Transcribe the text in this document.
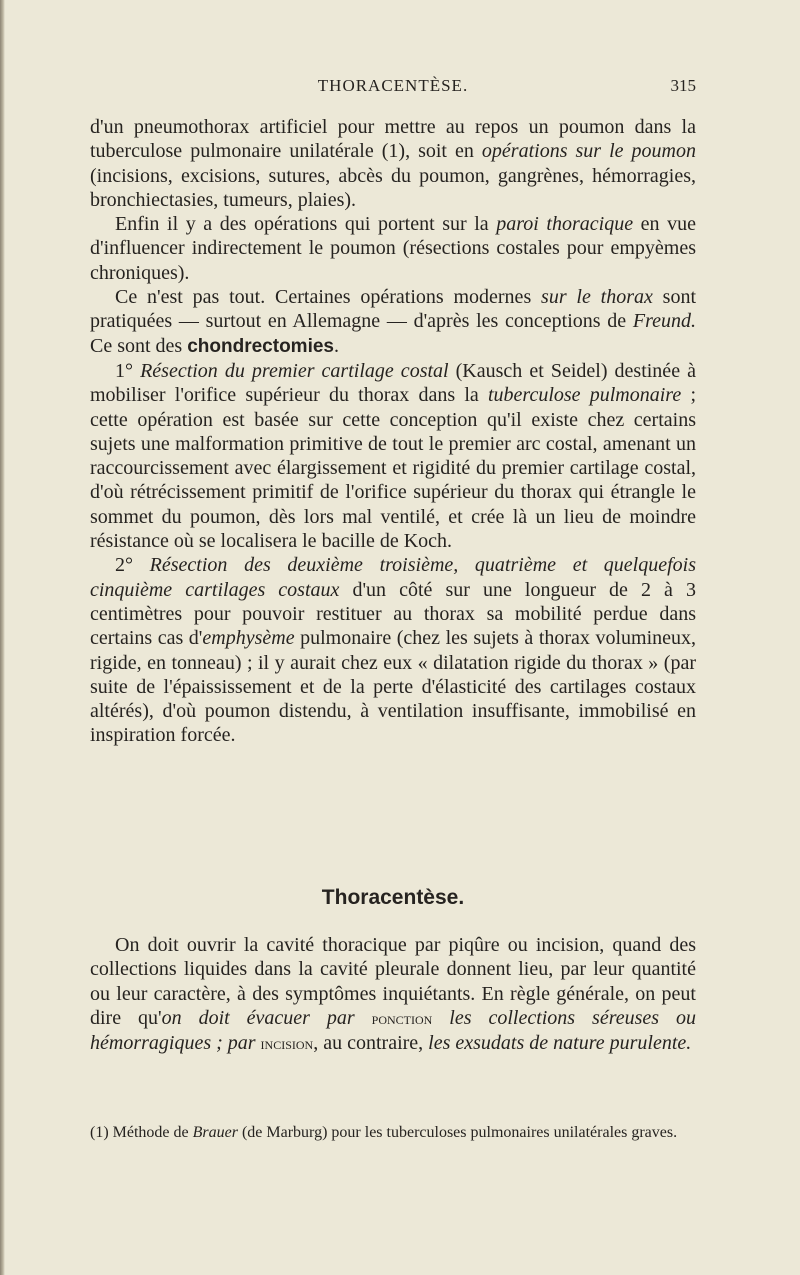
THORACENTÈSE.	315

d'un pneumothorax artificiel pour mettre au repos un poumon dans la tuberculose pulmonaire unilatérale (1), soit en opérations sur le poumon (incisions, excisions, sutures, abcès du poumon, gangrènes, hémorragies, bronchiectasies, tumeurs, plaies).

Enfin il y a des opérations qui portent sur la paroi thoracique en vue d'influencer indirectement le poumon (résections costales pour empyèmes chroniques).

Ce n'est pas tout. Certaines opérations modernes sur le thorax sont pratiquées — surtout en Allemagne — d'après les conceptions de Freund. Ce sont des chondrectomies.

1° Résection du premier cartilage costal (Kausch et Seidel) destinée à mobiliser l'orifice supérieur du thorax dans la tuberculose pulmonaire ; cette opération est basée sur cette conception qu'il existe chez certains sujets une malformation primitive de tout le premier arc costal, amenant un raccourcissement avec élargissement et rigidité du premier cartilage costal, d'où rétrécissement primitif de l'orifice supérieur du thorax qui étrangle le sommet du poumon, dès lors mal ventilé, et crée là un lieu de moindre résistance où se localisera le bacille de Koch.

2° Résection des deuxième troisième, quatrième et quelquefois cinquième cartilages costaux d'un côté sur une longueur de 2 à 3 centimètres pour pouvoir restituer au thorax sa mobilité perdue dans certains cas d'emphysème pulmonaire (chez les sujets à thorax volumineux, rigide, en tonneau) ; il y aurait chez eux « dilatation rigide du thorax » (par suite de l'épaississement et de la perte d'élasticité des cartilages costaux altérés), d'où poumon distendu, à ventilation insuffisante, immobilisé en inspiration forcée.

Thoracentèse.

On doit ouvrir la cavité thoracique par piqûre ou incision, quand des collections liquides dans la cavité pleurale donnent lieu, par leur quantité ou leur caractère, à des symptômes inquiétants. En règle générale, on peut dire qu'on doit évacuer par ponction les collections séreuses ou hémorragiques ; par incision, au contraire, les exsudats de nature purulente.

(1) Méthode de Brauer (de Marburg) pour les tuberculoses pulmonaires unilatérales graves.
